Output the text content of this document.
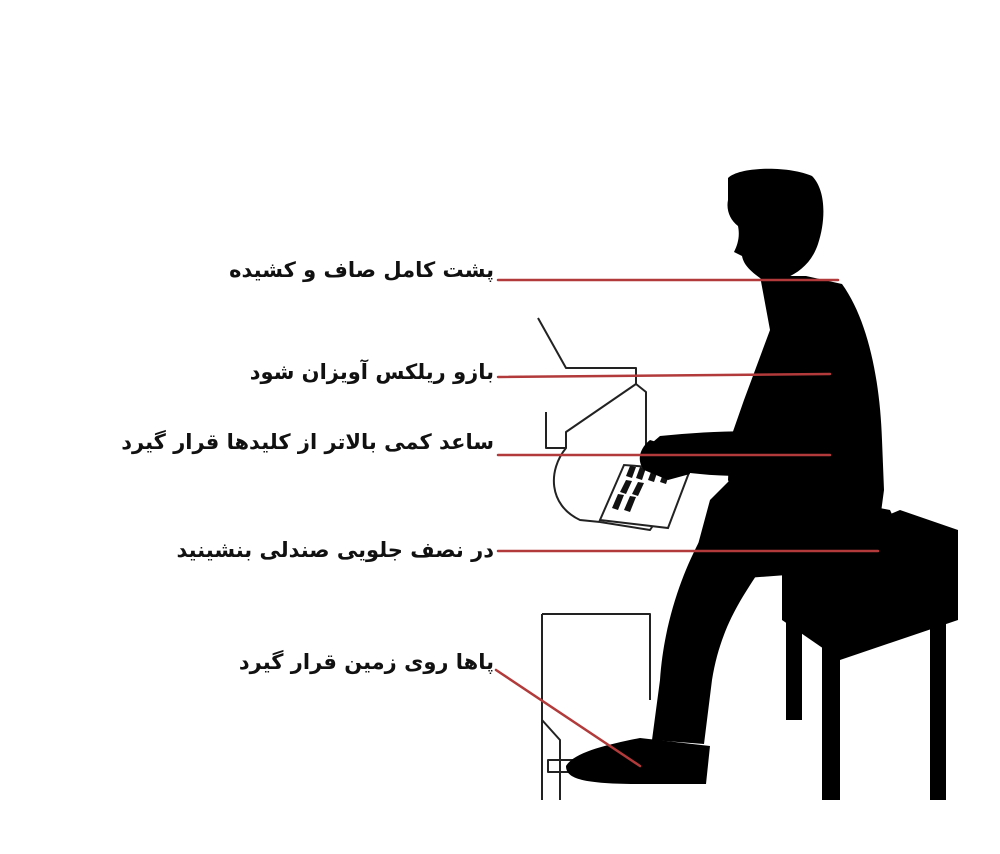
پشت کامل صاف و کشیده
بازو ریلکس آویزان شود
ساعد کمی بالاتر از کلیدها قرار گیرد
در نصف جلویی صندلی بنشینید
پاها روی زمین قرار گیرد
